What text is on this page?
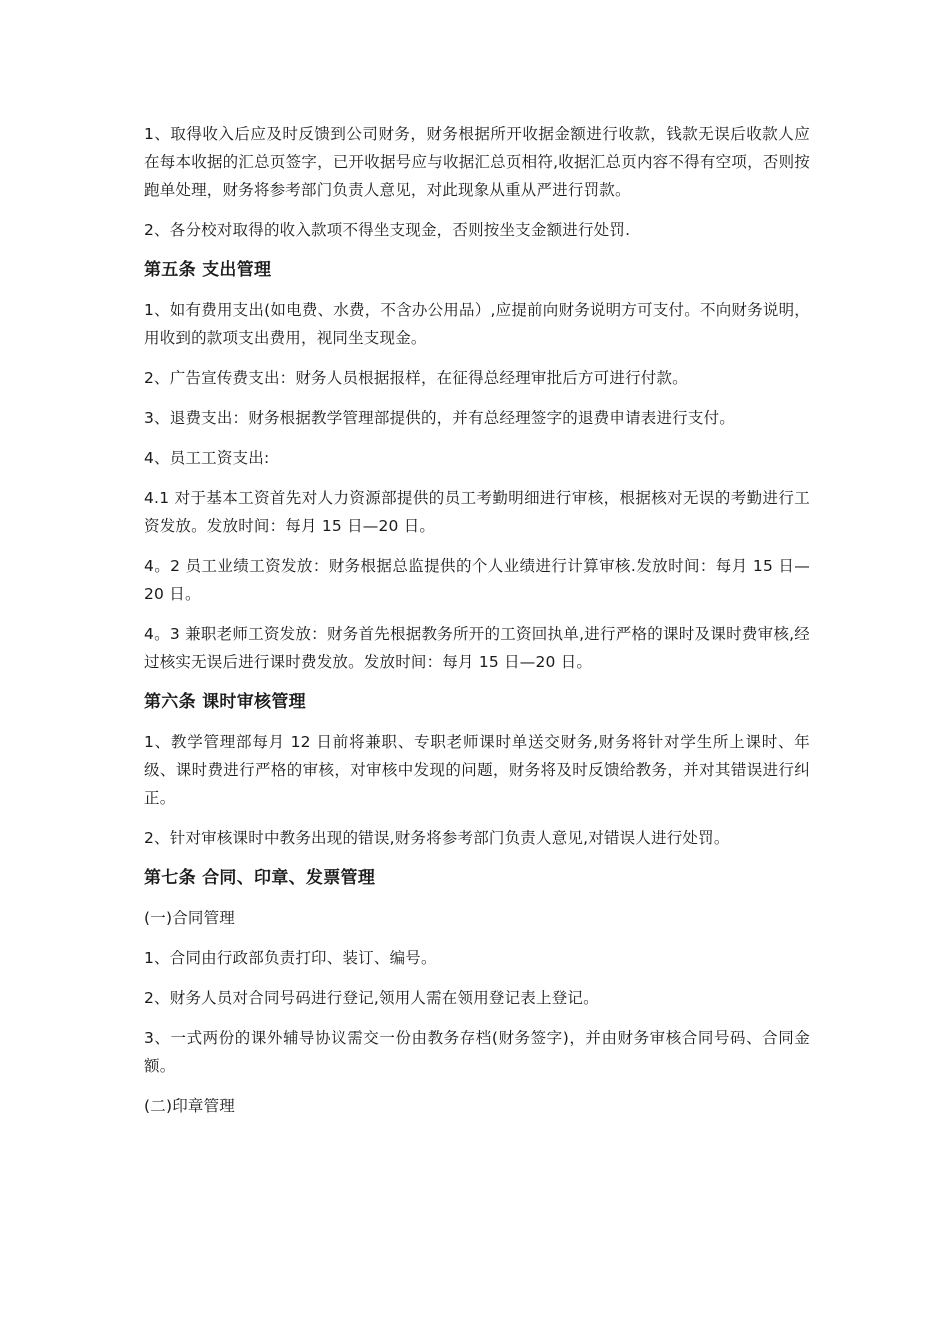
1、取得收入后应及时反馈到公司财务，财务根据所开收据金额进行收款，钱款无误后收款人应在每本收据的汇总页签字，已开收据号应与收据汇总页相符,收据汇总页内容不得有空项，否则按跑单处理，财务将参考部门负责人意见，对此现象从重从严进行罚款。

2、各分校对取得的收入款项不得坐支现金，否则按坐支金额进行处罚.

第五条 支出管理

1、如有费用支出(如电费、水费，不含办公用品）,应提前向财务说明方可支付。不向财务说明，用收到的款项支出费用，视同坐支现金。

2、广告宣传费支出：财务人员根据报样，在征得总经理审批后方可进行付款。

3、退费支出：财务根据教学管理部提供的，并有总经理签字的退费申请表进行支付。

4、员工工资支出:

4.1 对于基本工资首先对人力资源部提供的员工考勤明细进行审核，根据核对无误的考勤进行工资发放。发放时间：每月 15 日—20 日。

4。2 员工业绩工资发放：财务根据总监提供的个人业绩进行计算审核.发放时间：每月 15 日—20 日。

4。3 兼职老师工资发放：财务首先根据教务所开的工资回执单,进行严格的课时及课时费审核,经过核实无误后进行课时费发放。发放时间：每月 15 日—20 日。

第六条 课时审核管理

1、教学管理部每月 12 日前将兼职、专职老师课时单送交财务,财务将针对学生所上课时、年级、课时费进行严格的审核，对审核中发现的问题，财务将及时反馈给教务，并对其错误进行纠正。

2、针对审核课时中教务出现的错误,财务将参考部门负责人意见,对错误人进行处罚。

第七条 合同、印章、发票管理

(一)合同管理

1、合同由行政部负责打印、装订、编号。

2、财务人员对合同号码进行登记,领用人需在领用登记表上登记。

3、一式两份的课外辅导协议需交一份由教务存档(财务签字)，并由财务审核合同号码、合同金额。

(二)印章管理
